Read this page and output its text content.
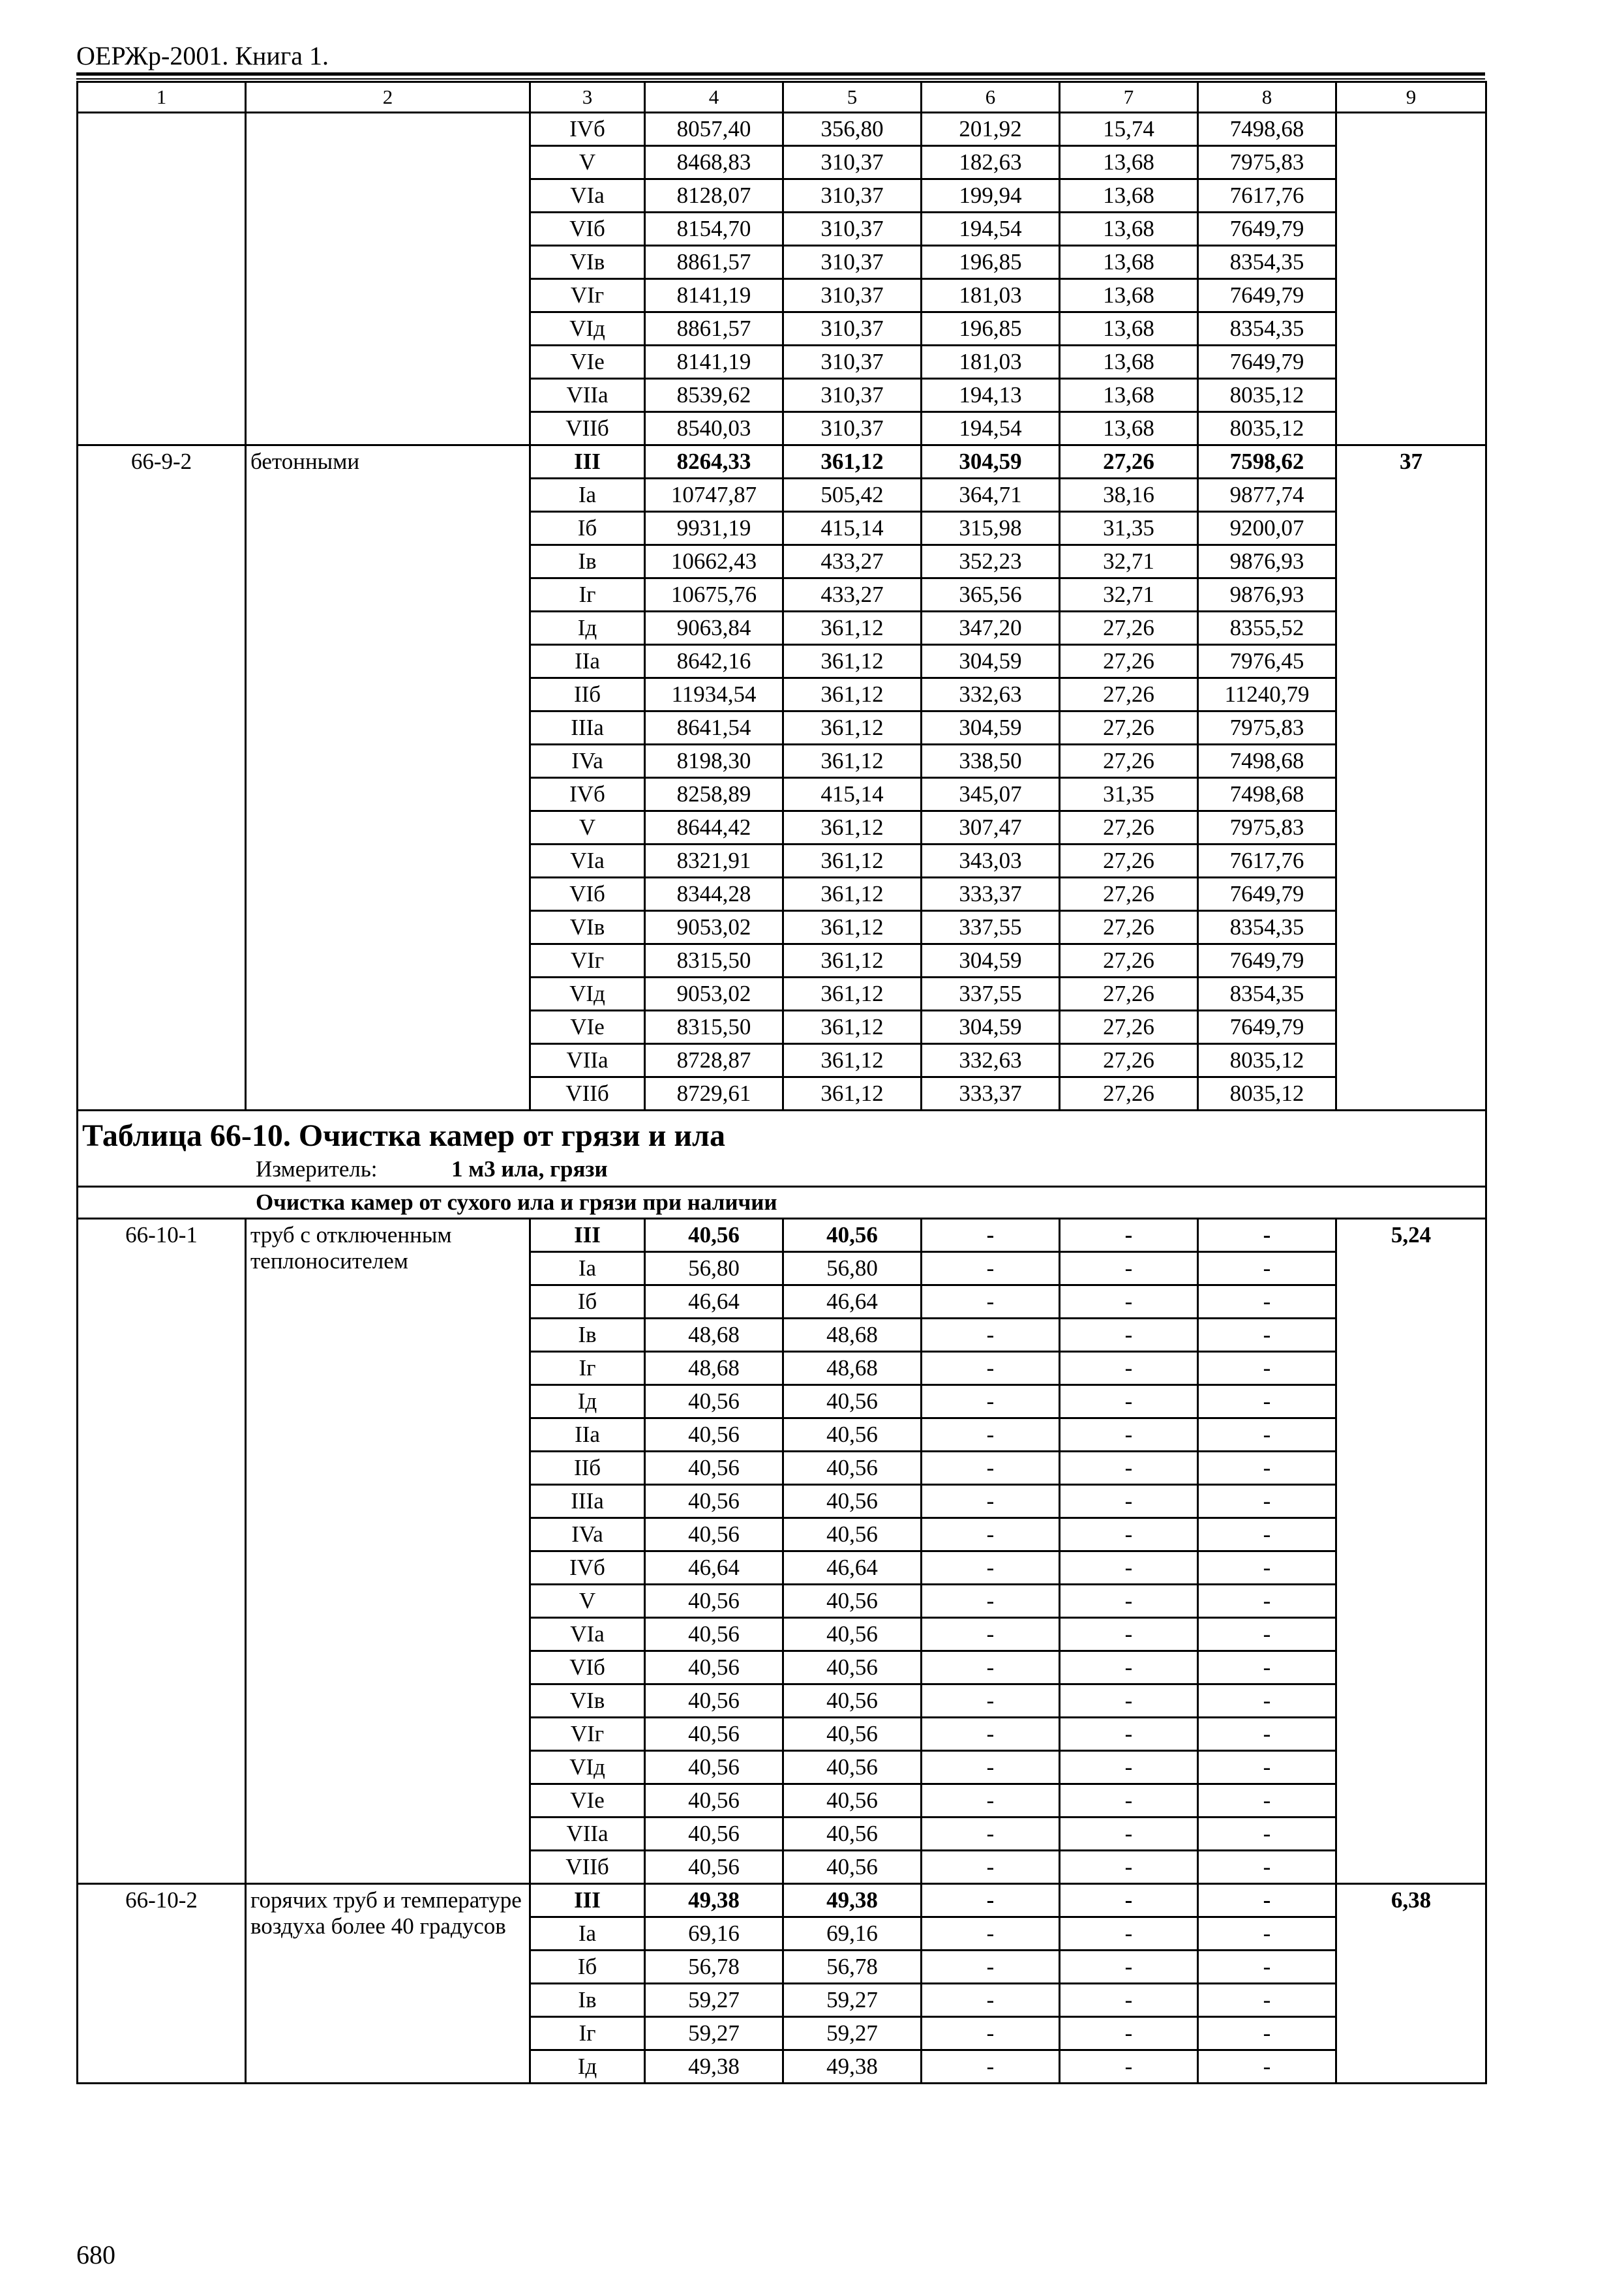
ОЕРЖр-2001. Книга 1.
1	2	3	4	5	6	7	8	9
		IVб	8057,40	356,80	201,92	15,74	7498,68	
		V	8468,83	310,37	182,63	13,68	7975,83	
		VIa	8128,07	310,37	199,94	13,68	7617,76	
		VIб	8154,70	310,37	194,54	13,68	7649,79	
		VIв	8861,57	310,37	196,85	13,68	8354,35	
		VIг	8141,19	310,37	181,03	13,68	7649,79	
		VIд	8861,57	310,37	196,85	13,68	8354,35	
		VIe	8141,19	310,37	181,03	13,68	7649,79	
		VIIa	8539,62	310,37	194,13	13,68	8035,12	
		VIIб	8540,03	310,37	194,54	13,68	8035,12	
66-9-2	бетонными	III	8264,33	361,12	304,59	27,26	7598,62	37
		Ia	10747,87	505,42	364,71	38,16	9877,74	
		Iб	9931,19	415,14	315,98	31,35	9200,07	
		Iв	10662,43	433,27	352,23	32,71	9876,93	
		Iг	10675,76	433,27	365,56	32,71	9876,93	
		Iд	9063,84	361,12	347,20	27,26	8355,52	
		IIa	8642,16	361,12	304,59	27,26	7976,45	
		IIб	11934,54	361,12	332,63	27,26	11240,79	
		IIIa	8641,54	361,12	304,59	27,26	7975,83	
		IVa	8198,30	361,12	338,50	27,26	7498,68	
		IVб	8258,89	415,14	345,07	31,35	7498,68	
		V	8644,42	361,12	307,47	27,26	7975,83	
		VIa	8321,91	361,12	343,03	27,26	7617,76	
		VIб	8344,28	361,12	333,37	27,26	7649,79	
		VIв	9053,02	361,12	337,55	27,26	8354,35	
		VIг	8315,50	361,12	304,59	27,26	7649,79	
		VIд	9053,02	361,12	337,55	27,26	8354,35	
		VIe	8315,50	361,12	304,59	27,26	7649,79	
		VIIa	8728,87	361,12	332,63	27,26	8035,12	
		VIIб	8729,61	361,12	333,37	27,26	8035,12	

Таблица 66-10. Очистка камер от грязи и ила
Измеритель: 1 м3 ила, грязи								

Очистка камер от сухого ила и грязи при наличии								
66-10-1	труб с отключенным теплоносителем	III	40,56	40,56	-	-	-	5,24
		Ia	56,80	56,80	-	-	-	
		Iб	46,64	46,64	-	-	-	
		Iв	48,68	48,68	-	-	-	
		Iг	48,68	48,68	-	-	-	
		Iд	40,56	40,56	-	-	-	
		IIa	40,56	40,56	-	-	-	
		IIб	40,56	40,56	-	-	-	
		IIIa	40,56	40,56	-	-	-	
		IVa	40,56	40,56	-	-	-	
		IVб	46,64	46,64	-	-	-	
		V	40,56	40,56	-	-	-	
		VIa	40,56	40,56	-	-	-	
		VIб	40,56	40,56	-	-	-	
		VIв	40,56	40,56	-	-	-	
		VIг	40,56	40,56	-	-	-	
		VIд	40,56	40,56	-	-	-	
		VIe	40,56	40,56	-	-	-	
		VIIa	40,56	40,56	-	-	-	
		VIIб	40,56	40,56	-	-	-	
66-10-2	горячих труб и температуре воздуха более 40 градусов	III	49,38	49,38	-	-	-	6,38
		Ia	69,16	69,16	-	-	-	
		Iб	56,78	56,78	-	-	-	
		Iв	59,27	59,27	-	-	-	
		Iг	59,27	59,27	-	-	-	
		Iд	49,38	49,38	-	-	-	
680
